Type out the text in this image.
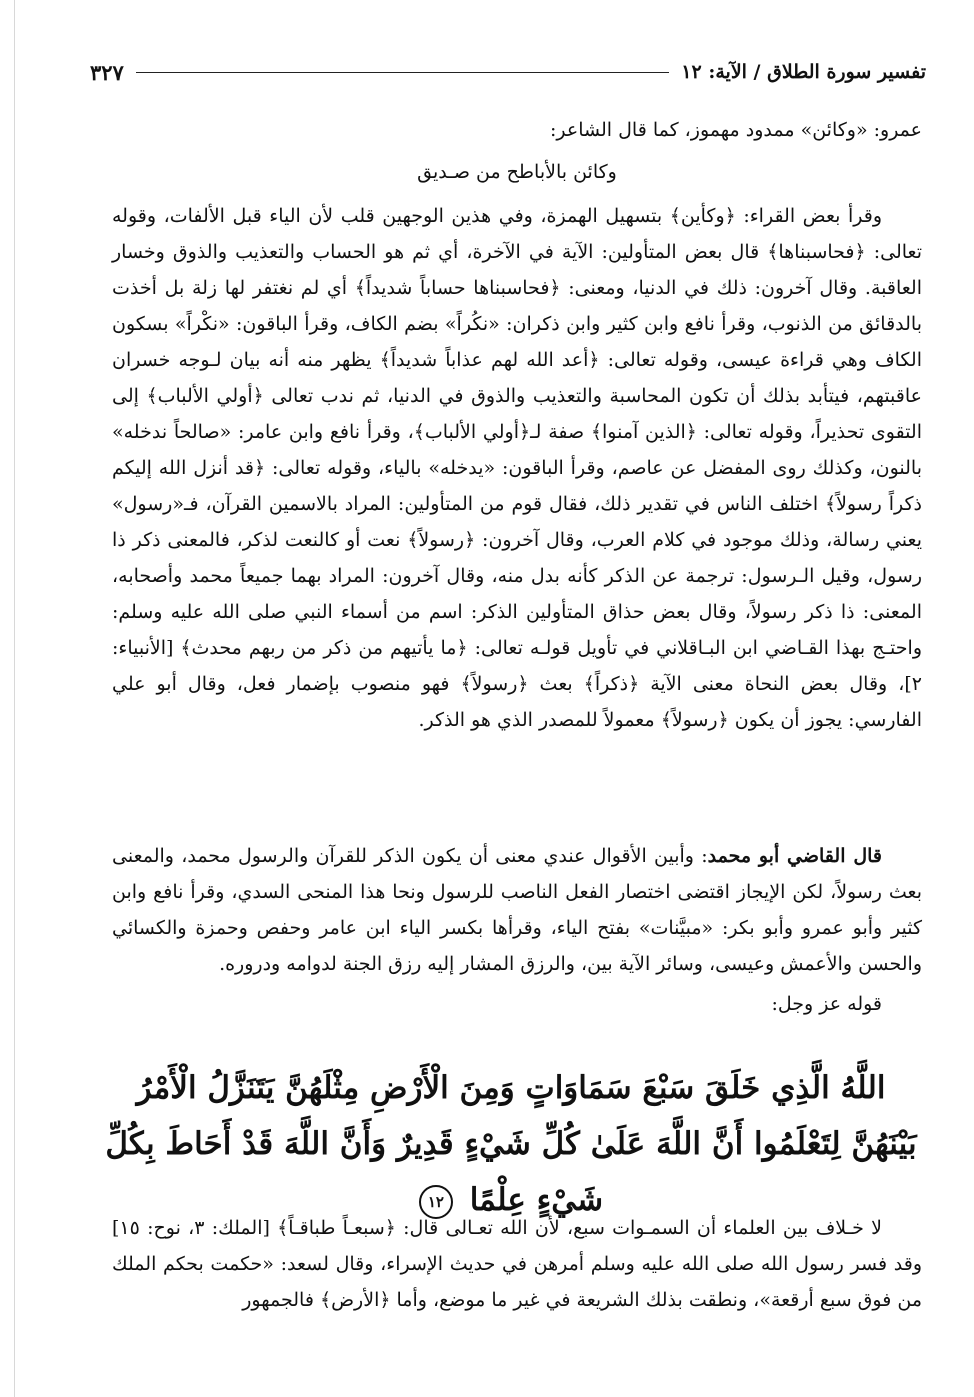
تفسير سورة الطلاق / الآية: ١٢
٣٢٧

عمرو: «وكائن» ممدود مهموز، كما قال الشاعر:

وكائن بالأباطح من صـديق

وقرأ بعض القراء: ﴿وكأين﴾ بتسهيل الهمزة، وفي هذين الوجهين قلب لأن الياء قبل الألفات، وقوله تعالى: ﴿فحاسبناها﴾ قال بعض المتأولين: الآية في الآخرة، أي ثم هو الحساب والتعذيب والذوق وخسار العاقبة. وقال آخرون: ذلك في الدنيا، ومعنى: ﴿فحاسبناها حساباً شديداً﴾ أي لم نغتفر لها زلة بل أخذت بالدقائق من الذنوب، وقرأ نافع وابن كثير وابن ذكران: «نكُراً» بضم الكاف، وقرأ الباقون: «نكْراً» بسكون الكاف وهي قراءة عيسى، وقوله تعالى: ﴿أعد الله لهم عذاباً شديداً﴾ يظهر منه أنه بيان لـوجه خسران عاقبتهم، فيتأبد بذلك أن تكون المحاسبة والتعذيب والذوق في الدنيا، ثم ندب تعالى ﴿أولي الألباب﴾ إلى التقوى تحذيراً، وقوله تعالى: ﴿الذين آمنوا﴾ صفة لـ﴿أولي الألباب﴾، وقرأ نافع وابن عامر: «صالحاً ندخله» بالنون، وكذلك روى المفضل عن عاصم، وقرأ الباقون: «يدخله» بالياء، وقوله تعالى: ﴿قد أنزل الله إليكم ذكراً رسولاً﴾ اختلف الناس في تقدير ذلك، فقال قوم من المتأولين: المراد بالاسمين القرآن، فـ«رسول» يعني رسالة، وذلك موجود في كلام العرب، وقال آخرون: ﴿رسولاً﴾ نعت أو كالنعت لذكر، فالمعنى ذكر ذا رسول، وقيل الـرسول: ترجمة عن الذكر كأنه بدل منه، وقال آخرون: المراد بهما جميعاً محمد وأصحابه، المعنى: ذا ذكر رسولاً، وقال بعض حذاق المتأولين الذكر: اسم من أسماء النبي صلى الله عليه وسلم: واحتـج بهذا القـاضي ابن البـاقلاني في تأويل قولـه تعالى: ﴿ما يأتيهم من ذكر من ربهم محدث﴾ [الأنبياء: ٢]، وقال بعض النحاة معنى الآية ﴿ذكراً﴾ بعث ﴿رسولاً﴾ فهو منصوب بإضمار فعل، وقال أبو علي الفارسي: يجوز أن يكون ﴿رسولاً﴾ معمولاً للمصدر الذي هو الذكر.

قال القاضي أبو محمد: وأبين الأقوال عندي معنى أن يكون الذكر للقرآن والرسول محمد، والمعنى بعث رسولاً، لكن الإيجاز اقتضى اختصار الفعل الناصب للرسول ونحا هذا المنحى السدي، وقرأ نافع وابن كثير وأبو عمرو وأبو بكر: «مبيَّنات» بفتح الياء، وقرأها بكسر الياء ابن عامر وحفص وحمزة والكسائي والحسن والأعمش وعيسى، وسائر الآية بين، والرزق المشار إليه رزق الجنة لدوامه ودروره.

قوله عز وجل:

اللَّهُ الَّذِي خَلَقَ سَبْعَ سَمَاوَاتٍ وَمِنَ الْأَرْضِ مِثْلَهُنَّ يَتَنَزَّلُ الْأَمْرُ بَيْنَهُنَّ لِتَعْلَمُوا أَنَّ اللَّهَ عَلَىٰ كُلِّ شَيْءٍ قَدِيرٌ وَأَنَّ اللَّهَ قَدْ أَحَاطَ بِكُلِّ شَيْءٍ عِلْمًا ١٢

لا خـلاف بين العلماء أن السمـوات سبع، لأن الله تعـالى قال: ﴿سبعـاً طباقـاً﴾ [الملك: ٣، نوح: ١٥] وقد فسر رسول الله صلى الله عليه وسلم أمرهن في حديث الإسراء، وقال لسعد: «حكمت بحكم الملك من فوق سبع أرقعة»، ونطقت بذلك الشريعة في غير ما موضع، وأما ﴿الأرض﴾ فالجمهور
